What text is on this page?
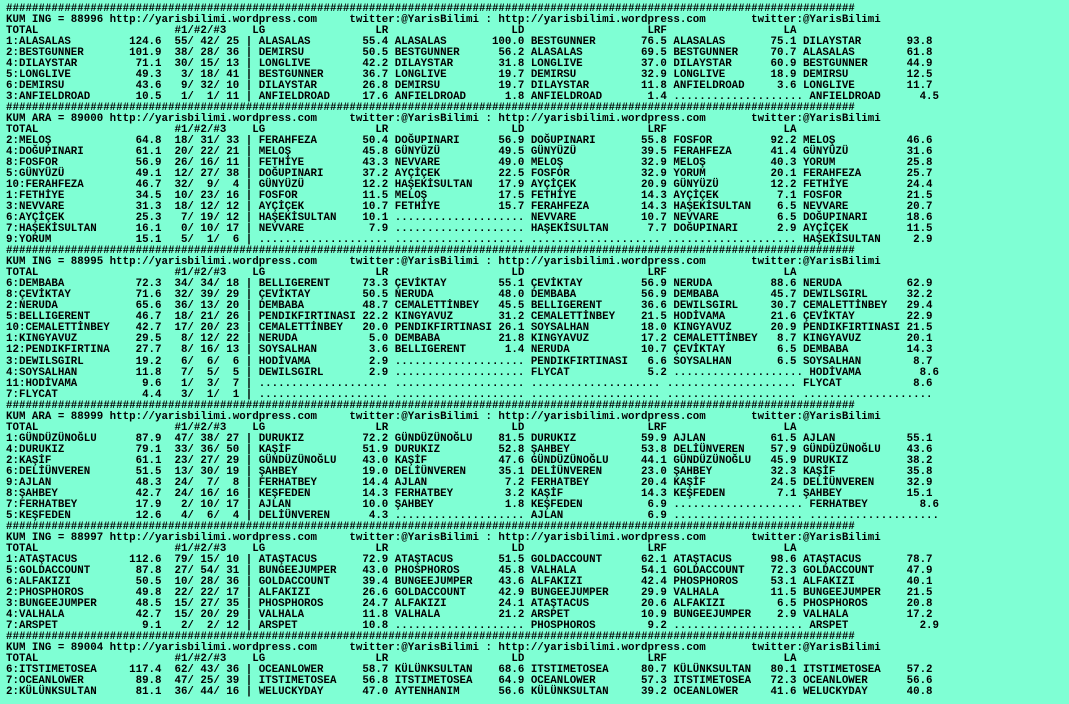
###################################################################################################################################
KUM ING = 88996 http://yarisbilimi.wordpress.com     twitter:@YarisBilimi : http://yarisbilimi.wordpress.com       twitter:@YarisBilimi
TOTAL                     #1/#2/#3    LG                 LR                   LD                   LRF                  LA
1:ALASALAS         124.6  55/ 42/ 25 | ALASALAS        55.4 ALASALAS       100.0 BESTGUNNER       76.5 ALASALAS       75.1 DILAYSTAR       93.8
2:BESTGUNNER       101.9  38/ 28/ 36 | DEMIRSU         50.5 BESTGUNNER      56.2 ALASALAS         69.5 BESTGUNNER     70.7 ALASALAS        61.8
4:DILAYSTAR         71.1  30/ 15/ 13 | LONGLIVE        42.2 DILAYSTAR       31.8 LONGLIVE         37.0 DILAYSTAR      60.9 BESTGUNNER      44.9
5:LONGLIVE          49.3   3/ 18/ 41 | BESTGUNNER      36.7 LONGLIVE        19.7 DEMIRSU          32.9 LONGLIVE       18.9 DEMIRSU         12.5
6:DEMIRSU           43.6   9/ 32/ 10 | DILAYSTAR       26.8 DEMIRSU         19.7 DILAYSTAR        11.8 ANFIELDROAD     3.6 LONGLIVE        11.7
3:ANFIELDROAD       10.5   1/  1/ 11 | ANFIELDROAD     17.6 ANFIELDROAD      1.8 ANFIELDROAD       1.4 .................... ANFIELDROAD      4.5
###################################################################################################################################
KUM ARA = 89000 http://yarisbilimi.wordpress.com     twitter:@YarisBilimi : http://yarisbilimi.wordpress.com       twitter:@YarisBilimi
TOTAL                     #1/#2/#3    LG                 LR                   LD                   LRF                  LA
2:MELOŞ             64.8  18/ 31/ 33 | FERAHFEZA       50.4 DOĞUPINARI      56.9 DOĞUPINARI       55.8 FOSFOR         92.2 MELOŞ           46.6
4:DOĞUPINARI        61.1  20/ 22/ 21 | MELOŞ           45.8 GÜNYÜZÜ         49.5 GÜNYÜZÜ          39.5 FERAHFEZA      41.4 GÜNYÜZÜ         31.6
8:FOSFOR            56.9  26/ 16/ 11 | FETHİYE         43.3 NEVVARE         49.0 MELOŞ            32.9 MELOŞ          40.3 YORUM           25.8
5:GÜNYÜZÜ           49.1  12/ 27/ 38 | DOĞUPINARI      37.2 AYÇİÇEK         22.5 FOSFOR           32.9 YORUM          20.1 FERAHFEZA       25.7
10:FERAHFEZA        46.7  32/  9/  4 | GÜNYÜZÜ         12.2 HAŞEKİSULTAN    17.9 AYÇİÇEK          20.9 GÜNYÜZÜ        12.2 FETHİYE         24.4
1:FETHİYE           34.5  10/ 23/ 16 | FOSFOR          11.5 MELOŞ           17.5 FETHİYE          14.3 AYÇİÇEK         7.1 FOSFOR          21.5
3:NEVVARE           31.3  18/ 12/ 12 | AYÇİÇEK         10.7 FETHİYE         15.7 FERAHFEZA        14.3 HAŞEKİSULTAN    6.5 NEVVARE         20.7
6:AYÇİÇEK           25.3   7/ 19/ 12 | HAŞEKİSULTAN    10.1 .................... NEVVARE          10.7 NEVVARE         6.5 DOĞUPINARI      18.6
7:HAŞEKİSULTAN      16.1   0/ 10/ 17 | NEVVARE          7.9 .................... HAŞEKİSULTAN      7.7 DOĞUPINARI      2.9 AYÇİÇEK         11.5
9:YORUM             15.1   5/  1/  6 | .................... .................... .................... .................... HAŞEKİSULTAN     2.9
###################################################################################################################################
KUM ING = 88995 http://yarisbilimi.wordpress.com     twitter:@YarisBilimi : http://yarisbilimi.wordpress.com       twitter:@YarisBilimi
TOTAL                     #1/#2/#3    LG                 LR                   LD                   LRF                  LA
6:DEMBABA           72.3  34/ 34/ 18 | BELLIGERENT     73.3 ÇEVİKTAY        55.1 ÇEVİKTAY         56.9 NERUDA         88.6 NERUDA          62.9
8:ÇEVİKTAY          71.6  32/ 39/ 29 | ÇEVİKTAY        50.5 NERUDA          48.0 DEMBABA          56.9 DEMBABA        45.7 DEWILSGIRL      32.2
2:NERUDA            65.6  36/ 13/ 20 | DEMBABA         48.7 CEMALETTİNBEY   45.5 BELLIGERENT      36.6 DEWILSGIRL     30.7 CEMALETTİNBEY   29.4
5:BELLIGERENT       46.7  18/ 21/ 26 | PENDIKFIRTINASI 22.2 KINGYAVUZ       31.2 CEMALETTİNBEY    21.5 HODİVAMA       21.6 ÇEVİKTAY        22.9
10:CEMALETTİNBEY    42.7  17/ 20/ 23 | CEMALETTİNBEY   20.0 PENDIKFIRTINASI 26.1 SOYSALHAN        18.0 KINGYAVUZ      20.9 PENDIKFIRTINASI 21.5
1:KINGYAVUZ         29.5   8/ 12/ 22 | NERUDA           5.0 DEMBABA         21.8 KINGYAVUZ        17.2 CEMALETTİNBEY   8.7 KINGYAVUZ       20.1
12:PENDIKFIRTINA    27.7   8/ 16/ 13 | SOYSALHAN        3.6 BELLIGERENT      1.4 NERUDA           10.7 ÇEVİKTAY        6.5 DEMBABA         14.3
3:DEWILSGIRL        19.2   6/  6/  6 | HODİVAMA         2.9 .................... PENDIKFIRTINASI   6.6 SOYSALHAN       6.5 SOYSALHAN        8.7
4:SOYSALHAN         11.8   7/  5/  5 | DEWILSGIRL       2.9 .................... FLYCAT            5.2 .................... HODİVAMA         8.6
11:HODİVAMA          9.6   1/  3/  7 | .................... .................... .................... .................... FLYCAT           8.6
7:FLYCAT             4.4   3/  1/  1 | .................... .................... .................... .................... ....................
###################################################################################################################################
KUM ARA = 88999 http://yarisbilimi.wordpress.com     twitter:@YarisBilimi : http://yarisbilimi.wordpress.com       twitter:@YarisBilimi
TOTAL                     #1/#2/#3    LG                 LR                   LD                   LRF                  LA
1:GÜNDÜZÜNOĞLU      87.9  47/ 38/ 27 | DURUKIZ         72.2 GÜNDÜZÜNOĞLU    81.5 DURUKIZ          59.9 AJLAN          61.5 AJLAN           55.1
4:DURUKIZ           79.1  33/ 36/ 50 | KAŞİF           51.9 DURUKIZ         52.8 ŞAHBEY           53.8 DELİÜNVEREN    57.9 GÜNDÜZÜNOĞLU    43.6
2:KAŞİF             61.1  23/ 27/ 29 | GÜNDÜZÜNOĞLU    43.0 KAŞİF           47.6 GÜNDÜZÜNOĞLU     44.1 GÜNDÜZÜNOĞLU   45.9 DURUKIZ         38.2
6:DELİÜNVEREN       51.5  13/ 30/ 19 | ŞAHBEY          19.0 DELİÜNVEREN     35.1 DELİÜNVEREN      23.0 ŞAHBEY         32.3 KAŞİF           35.8
9:AJLAN             48.3  24/  7/  8 | FERHATBEY       14.4 AJLAN            7.2 FERHATBEY        20.4 KAŞİF          24.5 DELİÜNVEREN     32.9
8:ŞAHBEY            42.7  24/ 16/ 16 | KEŞFEDEN        14.3 FERHATBEY        3.2 KAŞİF            14.3 KEŞFEDEN        7.1 ŞAHBEY          15.1
7:FERHATBEY         17.9   2/ 10/ 17 | AJLAN           10.0 ŞAHBEY           1.8 KEŞFEDEN          6.9 .................... FERHATBEY        8.6
5:KEŞFEDEN          12.6   4/  6/  4 | DELİÜNVEREN      4.3 .................... AJLAN             6.9 .................... ....................
###################################################################################################################################
KUM ING = 88997 http://yarisbilimi.wordpress.com     twitter:@YarisBilimi : http://yarisbilimi.wordpress.com       twitter:@YarisBilimi
TOTAL                     #1/#2/#3    LG                 LR                   LD                   LRF                  LA
1:ATAŞTACUS        112.6  79/ 15/ 10 | ATAŞTACUS       72.9 ATAŞTACUS       51.5 GOLDACCOUNT      62.1 ATAŞTACUS      98.6 ATAŞTACUS       78.7
5:GOLDACCOUNT       87.8  27/ 54/ 31 | BUNGEEJUMPER    43.0 PHOSPHOROS      45.8 VALHALA          54.1 GOLDACCOUNT    72.3 GOLDACCOUNT     47.9
6:ALFAKIZI          50.5  10/ 28/ 36 | GOLDACCOUNT     39.4 BUNGEEJUMPER    43.6 ALFAKIZI         42.4 PHOSPHOROS     53.1 ALFAKIZI        40.1
2:PHOSPHOROS        49.8  22/ 22/ 17 | ALFAKIZI        26.6 GOLDACCOUNT     42.9 BUNGEEJUMPER     29.9 VALHALA        11.5 BUNGEEJUMPER    21.5
3:BUNGEEJUMPER      48.5  15/ 27/ 35 | PHOSPHOROS      24.7 ALFAKIZI        24.1 ATAŞTACUS        20.6 ALFAKIZI        6.5 PHOSPHOROS      20.8
4:VALHALA           42.7  15/ 20/ 29 | VALHALA         11.8 VALHALA         21.2 ARSPET           10.9 BUNGEEJUMPER    2.9 VALHALA         17.2
7:ARSPET             9.1   2/  2/ 12 | ARSPET          10.8 .................... PHOSPHOROS        9.2 .................... ARSPET           2.9
###################################################################################################################################
KUM ING = 89004 http://yarisbilimi.wordpress.com     twitter:@YarisBilimi : http://yarisbilimi.wordpress.com       twitter:@YarisBilimi
TOTAL                     #1/#2/#3    LG                 LR                   LD                   LRF                  LA
6:ITSTIMETOSEA     117.4  62/ 43/ 36 | OCEANLOWER      58.7 KÜLÜNKSULTAN    68.6 ITSTIMETOSEA     80.7 KÜLÜNKSULTAN   80.1 ITSTIMETOSEA    57.2
7:OCEANLOWER        89.8  47/ 25/ 39 | ITSTIMETOSEA    56.8 ITSTIMETOSEA    64.9 OCEANLOWER       57.3 ITSTIMETOSEA   72.3 OCEANLOWER      56.6
2:KÜLÜNKSULTAN      81.1  36/ 44/ 16 | WELUCKYDAY      47.0 AYTENHANIM      56.6 KÜLÜNKSULTAN     39.2 OCEANLOWER     41.6 WELUCKYDAY      40.8
